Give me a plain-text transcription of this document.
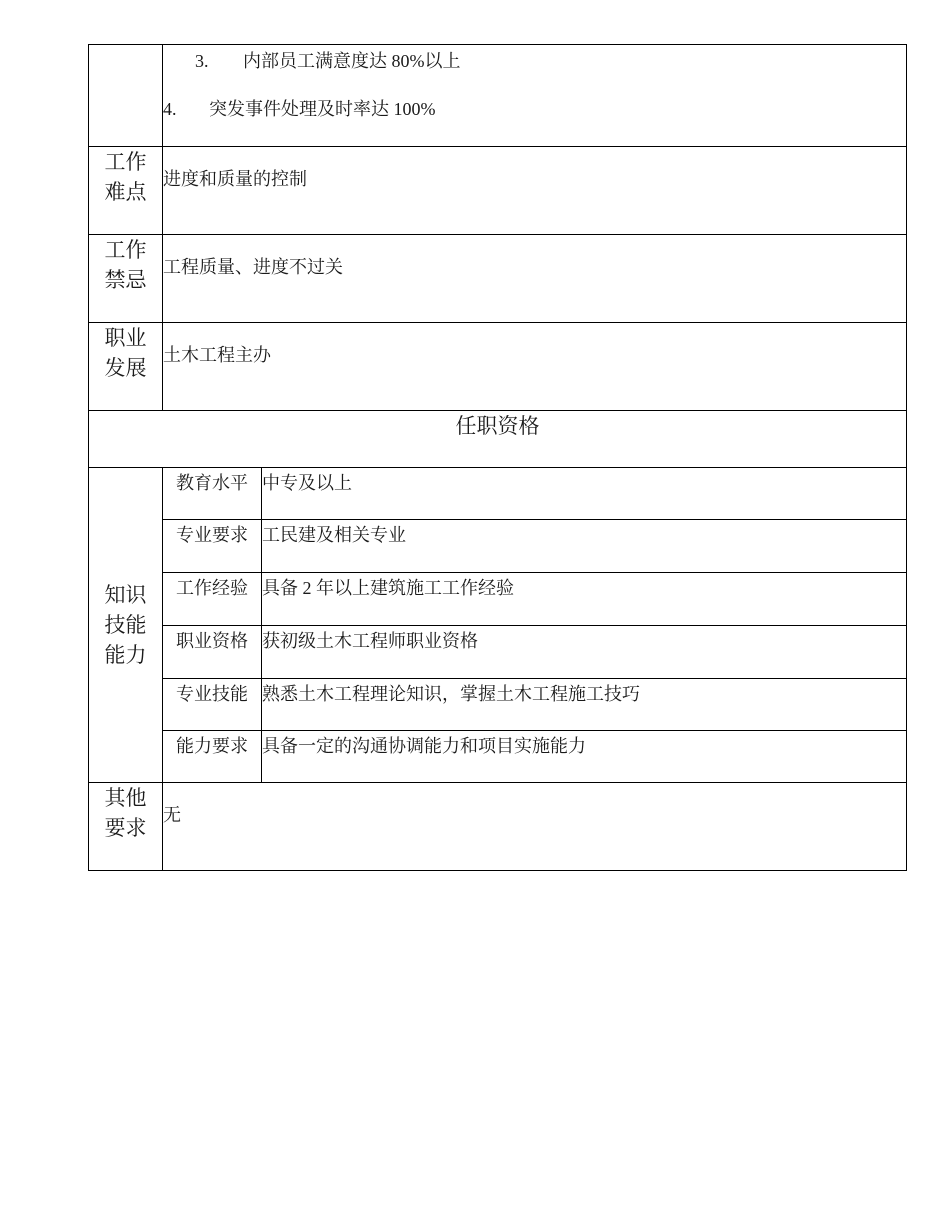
	3. 内部员工满意度达 80%以上
4. 突发事件处理及时率达 100%	

工作
难点	进度和质量的控制	

工作
禁忌	工程质量、进度不过关	

职业
发展	土木工程主办	
任职资格		

知识
技能
能力	教育水平	中专及以上
	专业要求	工民建及相关专业
	工作经验	具备 2 年以上建筑施工工作经验
	职业资格	获初级土木工程师职业资格
	专业技能	熟悉土木工程理论知识，掌握土木工程施工技巧
	能力要求	具备一定的沟通协调能力和项目实施能力

其他
要求	无	
